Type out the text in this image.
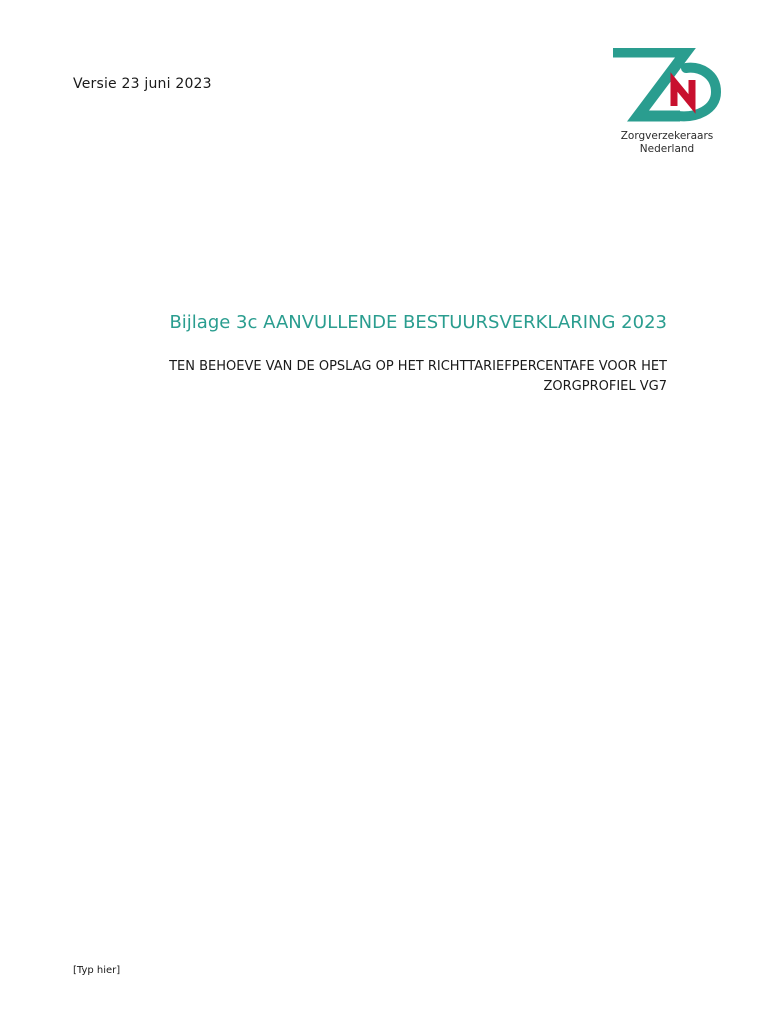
Versie 23 juni 2023
Zorgverzekeraars
Nederland
Bijlage 3c AANVULLENDE BESTUURSVERKLARING 2023
TEN BEHOEVE VAN DE OPSLAG OP HET RICHTTARIEFPERCENTAFE VOOR HET
ZORGPROFIEL VG7
[Typ hier]
